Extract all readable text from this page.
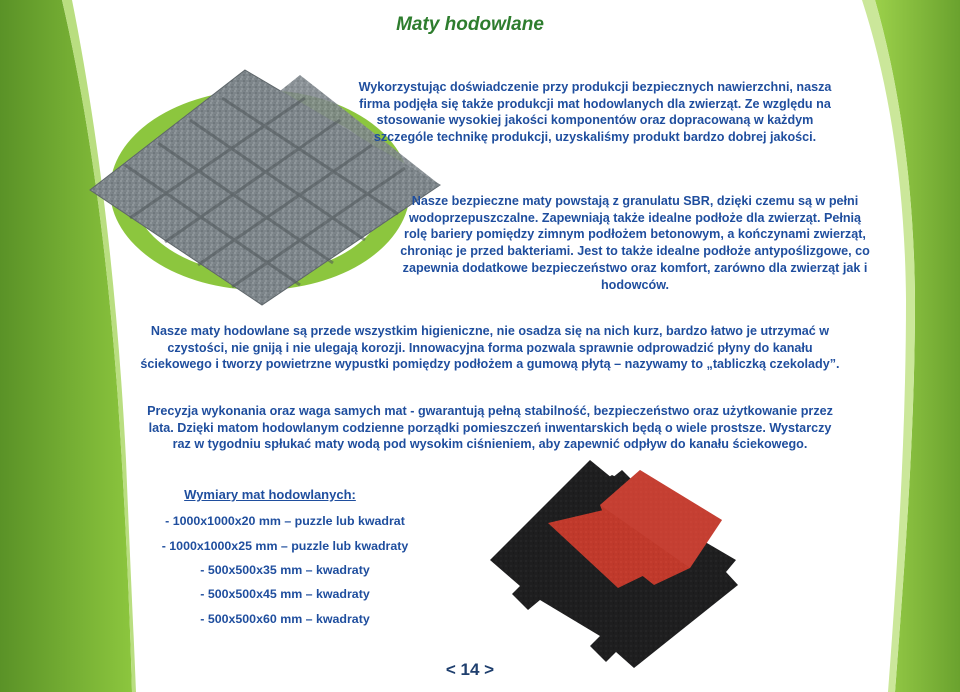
Maty hodowlane

Wykorzystując doświadczenie przy produkcji bezpiecznych nawierzchni, nasza firma podjęła się także produkcji mat hodowlanych dla zwierząt. Ze względu na stosowanie wysokiej jakości komponentów oraz dopracowaną w każdym szczególe technikę produkcji, uzyskaliśmy produkt bardzo dobrej jakości.

Nasze bezpieczne maty powstają z granulatu SBR, dzięki czemu są w pełni wodoprzepuszczalne. Zapewniają także idealne podłoże dla zwierząt. Pełnią rolę bariery pomiędzy zimnym podłożem betonowym, a kończynami zwierząt, chroniąc je przed bakteriami. Jest to także idealne podłoże antypoślizgowe, co zapewnia dodatkowe bezpieczeństwo oraz komfort, zarówno dla zwierząt jak i hodowców.

Nasze maty hodowlane są przede wszystkim higieniczne, nie osadza się na nich kurz, bardzo łatwo je utrzymać w czystości, nie gniją i nie ulegają korozji. Innowacyjna forma pozwala sprawnie odprowadzić płyny do kanału ściekowego i tworzy powietrzne wypustki pomiędzy podłożem a gumową płytą – nazywamy to „tabliczką czekolady”.

Precyzja wykonania oraz waga samych mat - gwarantują pełną stabilność, bezpieczeństwo oraz użytkowanie przez lata. Dzięki matom hodowlanym codzienne porządki pomieszczeń inwentarskich będą o wiele prostsze. Wystarczy raz w tygodniu spłukać maty wodą pod wysokim ciśnieniem, aby zapewnić odpływ do kanału ściekowego.

Wymiary mat hodowlanych:
- 1000x1000x20 mm – puzzle lub kwadrat
- 1000x1000x25 mm – puzzle lub kwadraty
- 500x500x35 mm – kwadraty
- 500x500x45 mm – kwadraty
- 500x500x60 mm – kwadraty
< 14 >
